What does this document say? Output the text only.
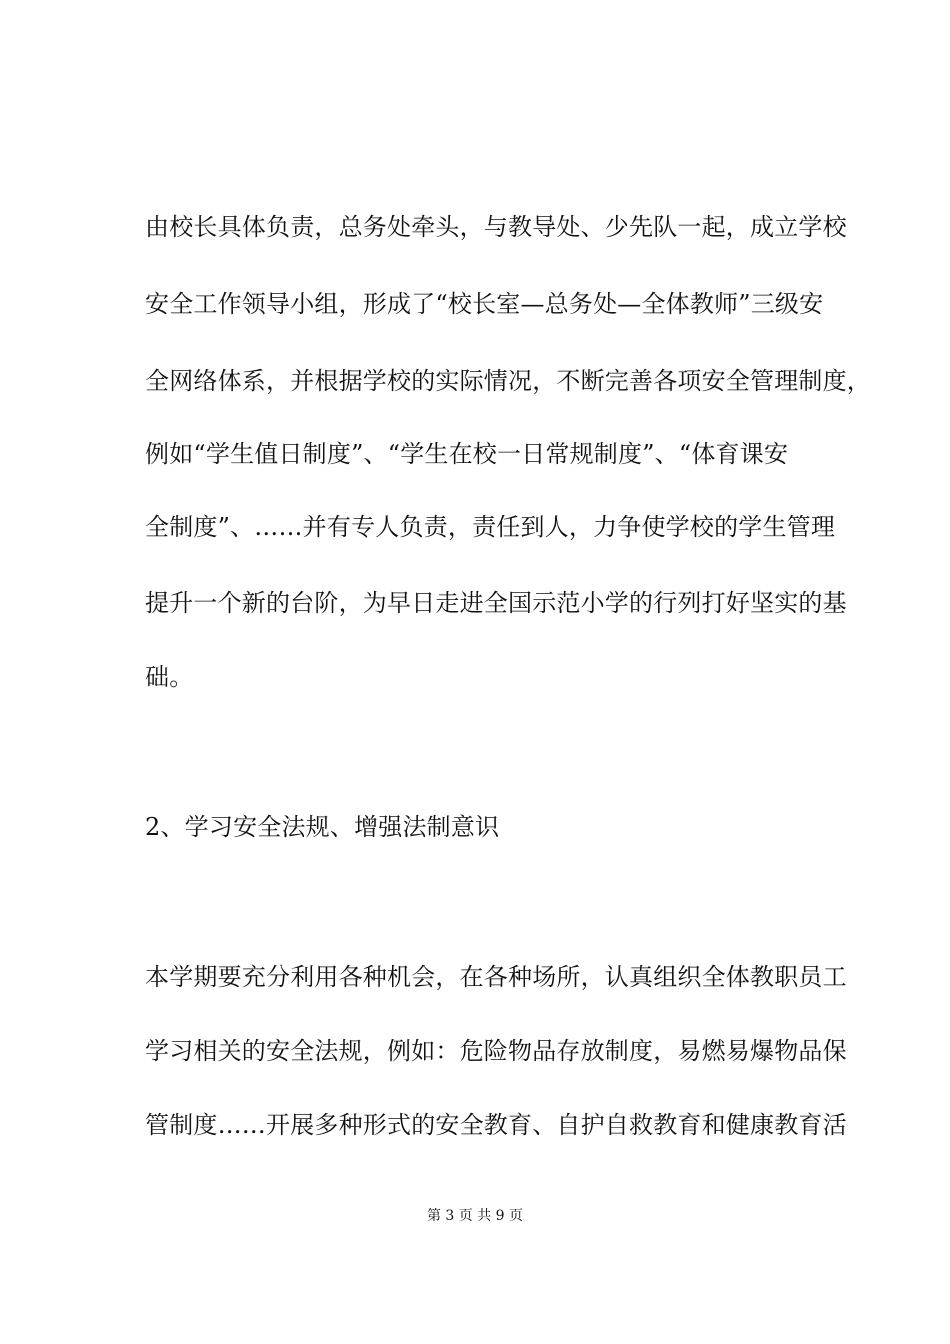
由校长具体负责，总务处牵头，与教导处、少先队一起，成立学校
安全工作领导小组，形成了“校长室—总务处—全体教师”三级安
全网络体系，并根据学校的实际情况，不断完善各项安全管理制度，
例如“学生值日制度”、“学生在校一日常规制度”、“体育课安
全制度”、……并有专人负责，责任到人，力争使学校的学生管理
提升一个新的台阶，为早日走进全国示范小学的行列打好坚实的基
础。
2、学习安全法规、增强法制意识
本学期要充分利用各种机会，在各种场所，认真组织全体教职员工
学习相关的安全法规，例如：危险物品存放制度，易燃易爆物品保
管制度……开展多种形式的安全教育、自护自救教育和健康教育活
第 3 页 共 9 页
